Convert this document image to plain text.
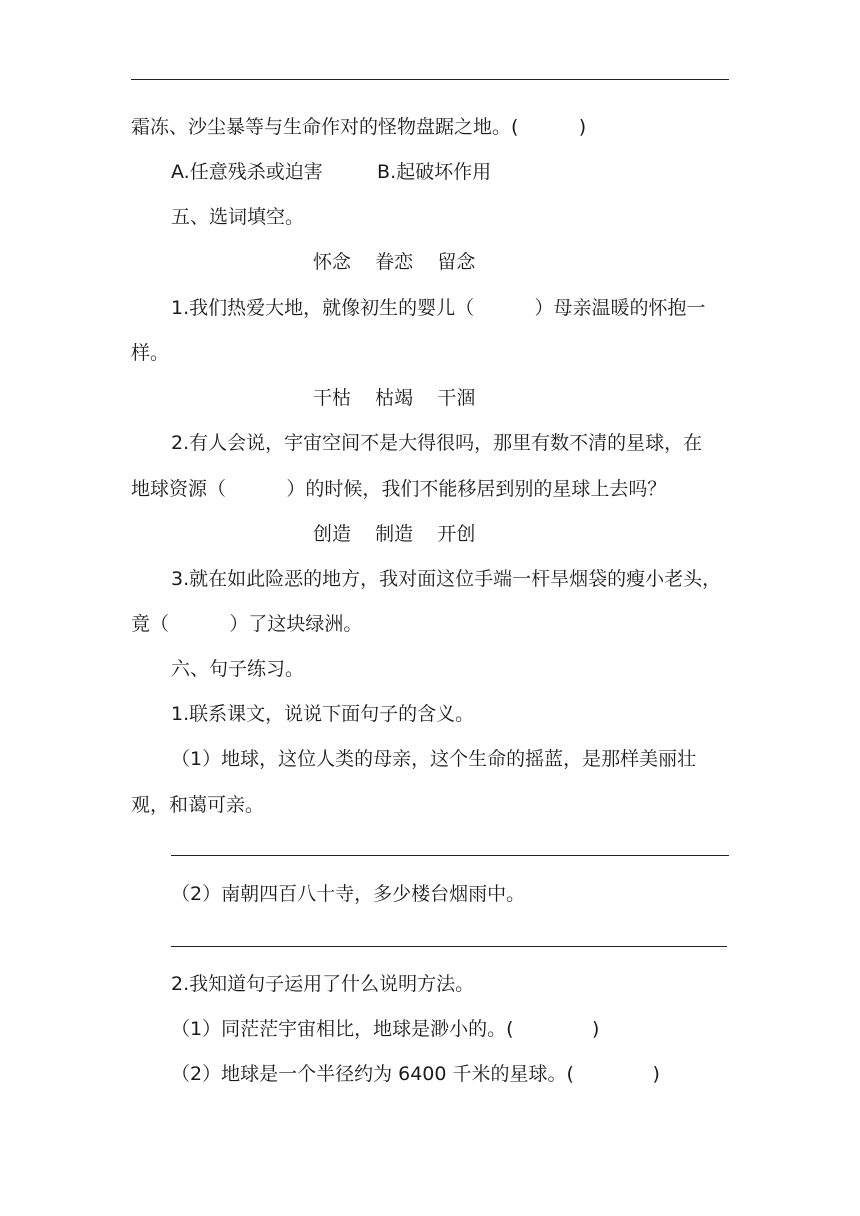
霜冻、沙尘暴等与生命作对的怪物盘踞之地。(          )
A.任意残杀或迫害         B.起破坏作用
五、选词填空。
怀念    眷恋    留念
1.我们热爱大地，就像初生的婴儿（          ）母亲温暖的怀抱一
样。
干枯    枯竭    干涸
2.有人会说，宇宙空间不是大得很吗，那里有数不清的星球，在
地球资源（          ）的时候，我们不能移居到别的星球上去吗？
创造    制造    开创
3.就在如此险恶的地方，我对面这位手端一杆旱烟袋的瘦小老头，
竟（          ）了这块绿洲。
六、句子练习。
1.联系课文，说说下面句子的含义。
（1）地球，这位人类的母亲，这个生命的摇蓝，是那样美丽壮
观，和蔼可亲。
（2）南朝四百八十寺，多少楼台烟雨中。
2.我知道句子运用了什么说明方法。
（1）同茫茫宇宙相比，地球是渺小的。(             )
（2）地球是一个半径约为 6400 千米的星球。(             )
